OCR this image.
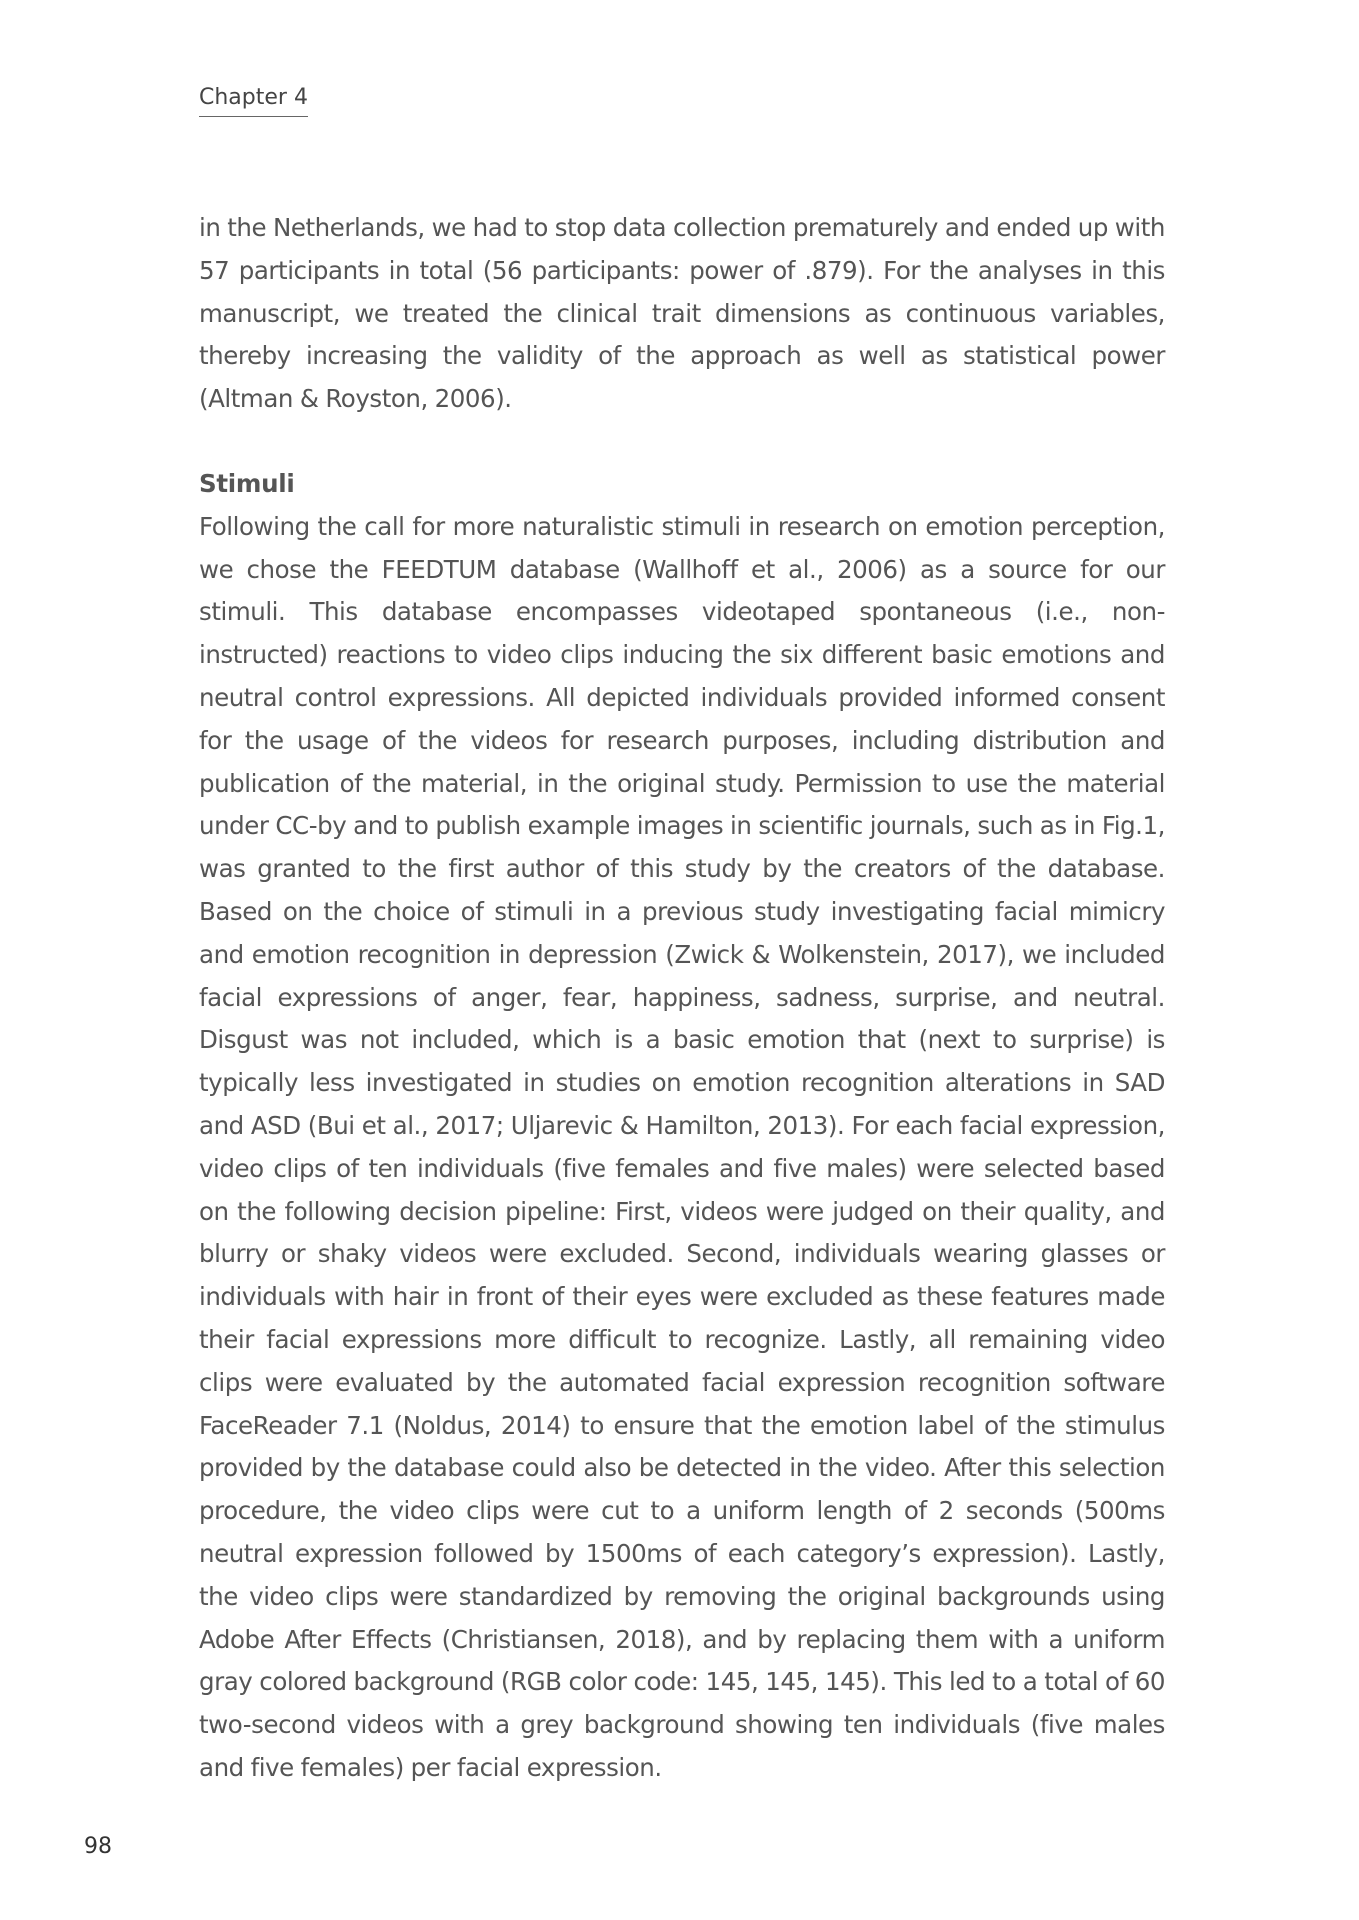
Chapter 4

in the Netherlands, we had to stop data collection prematurely and ended up with 57 participants in total (56 participants: power of .879). For the analyses in this manuscript, we treated the clinical trait dimensions as continuous variables, thereby increasing the validity of the approach as well as statistical power (Altman & Royston, 2006).

Stimuli

Following the call for more naturalistic stimuli in research on emotion perception, we chose the FEEDTUM database (Wallhoff et al., 2006) as a source for our stimuli. This database encompasses videotaped spontaneous (i.e., non-instructed) reactions to video clips inducing the six different basic emotions and neutral control expressions. All depicted individuals provided informed consent for the usage of the videos for research purposes, including distribution and publication of the material, in the original study. Permission to use the material under CC-by and to publish example images in scientific journals, such as in Fig.1, was granted to the first author of this study by the creators of the database. Based on the choice of stimuli in a previous study investigating facial mimicry and emotion recognition in depression (Zwick & Wolkenstein, 2017), we included facial expressions of anger, fear, happiness, sadness, surprise, and neutral. Disgust was not included, which is a basic emotion that (next to surprise) is typically less investigated in studies on emotion recognition alterations in SAD and ASD (Bui et al., 2017; Uljarevic & Hamilton, 2013). For each facial expression, video clips of ten individuals (five females and five males) were selected based on the following decision pipeline: First, videos were judged on their quality, and blurry or shaky videos were excluded. Second, individuals wearing glasses or individuals with hair in front of their eyes were excluded as these features made their facial expressions more difficult to recognize. Lastly, all remaining video clips were evaluated by the automated facial expression recognition software FaceReader 7.1 (Noldus, 2014) to ensure that the emotion label of the stimulus provided by the database could also be detected in the video. After this selection procedure, the video clips were cut to a uniform length of 2 seconds (500ms neutral expression followed by 1500ms of each category’s expression). Lastly, the video clips were standardized by removing the original backgrounds using Adobe After Effects (Christiansen, 2018), and by replacing them with a uniform gray colored background (RGB color code: 145, 145, 145). This led to a total of 60 two-second videos with a grey background showing ten individuals (five males and five females) per facial expression.

98
